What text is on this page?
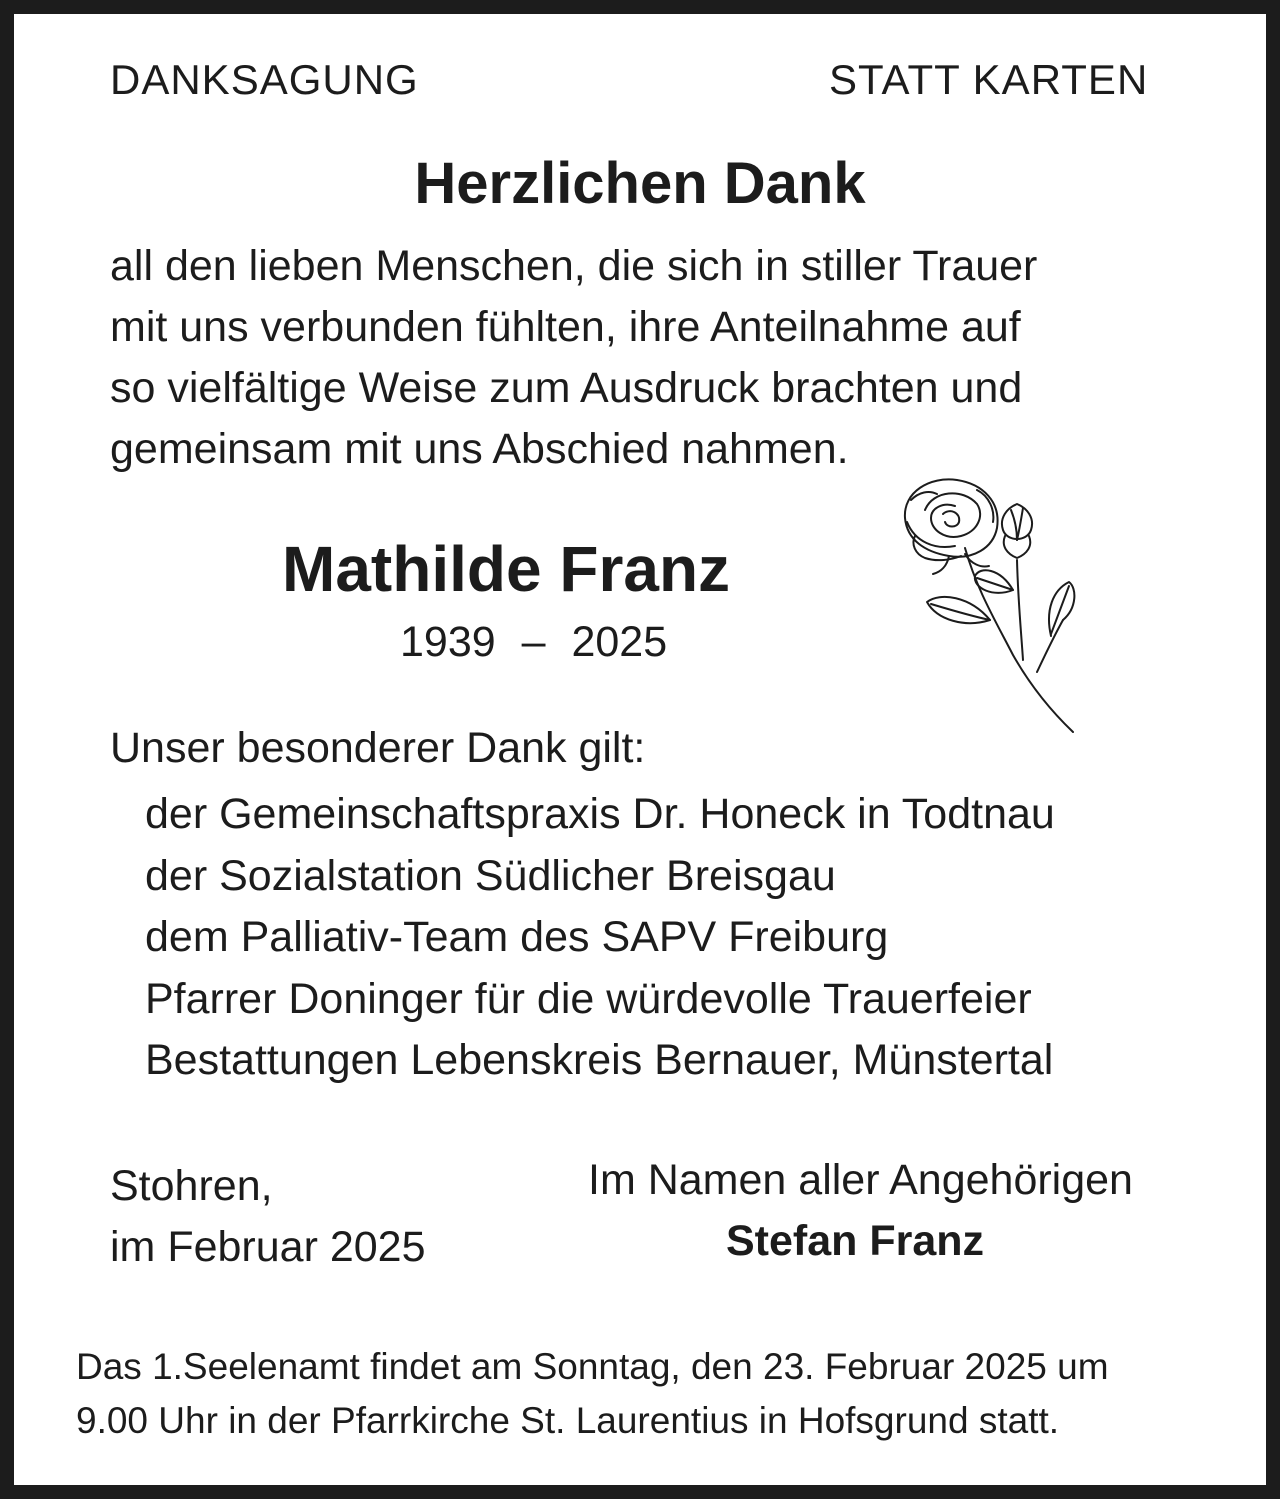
DANKSAGUNG	STATT KARTEN
Herzlichen Dank
all den lieben Menschen, die sich in stiller Trauer
mit uns verbunden fühlten, ihre Anteilnahme auf
so vielfältige Weise zum Ausdruck brachten und
gemeinsam mit uns Abschied nahmen.
Mathilde Franz
1939 – 2025
Unser besonderer Dank gilt:
der Gemeinschaftspraxis Dr. Honeck in Todtnau
der Sozialstation Südlicher Breisgau
dem Palliativ-Team des SAPV Freiburg
Pfarrer Doninger für die würdevolle Trauerfeier
Bestattungen Lebenskreis Bernauer, Münstertal
Stohren,
im Februar 2025
Im Namen aller Angehörigen
Stefan Franz
Das 1.Seelenamt findet am Sonntag, den 23. Februar 2025 um
9.00 Uhr in der Pfarrkirche St. Laurentius in Hofsgrund statt.
